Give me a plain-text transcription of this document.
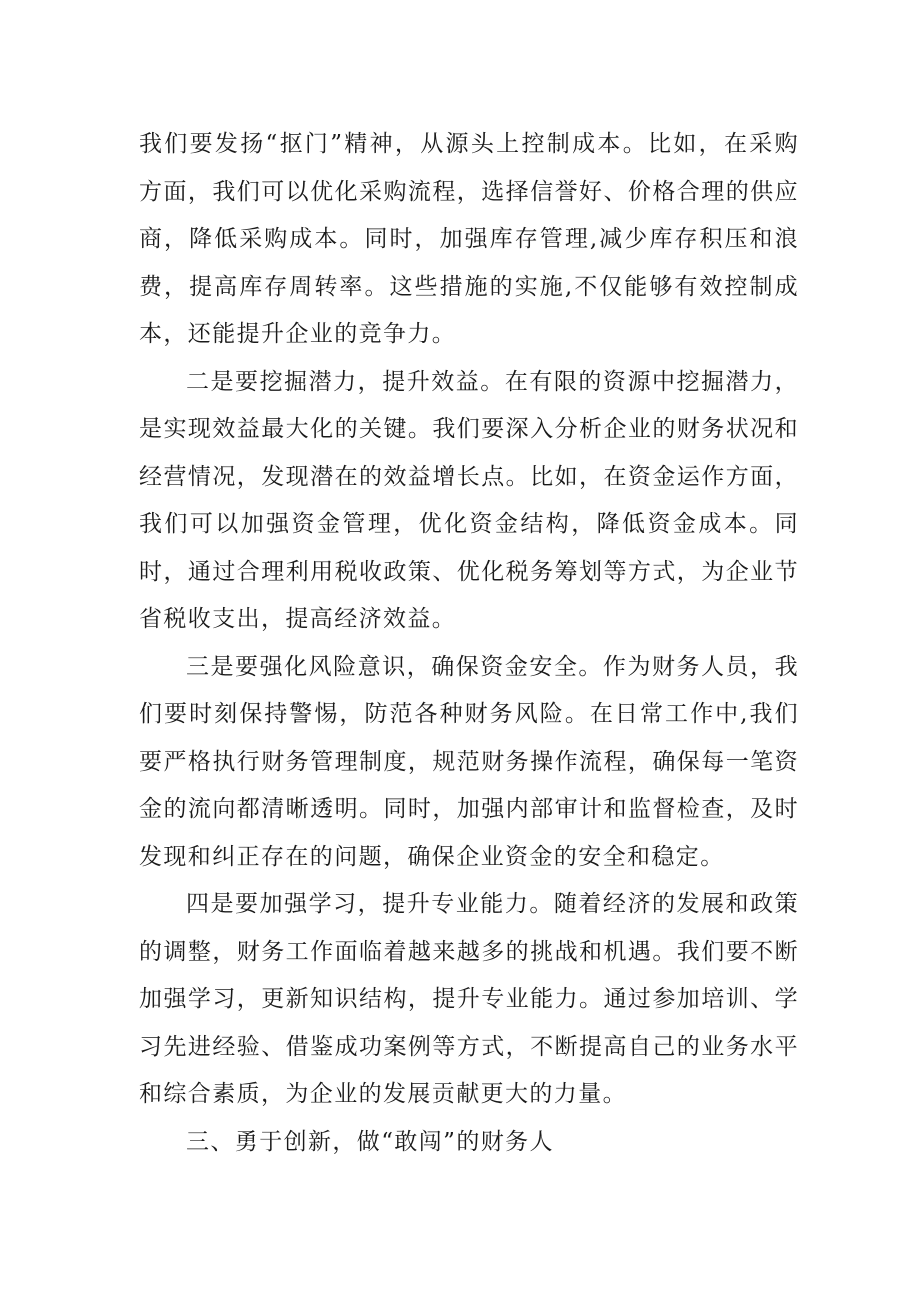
我们要发扬“抠门”精神，从源头上控制成本。比如，在采购方面，我们可以优化采购流程，选择信誉好、价格合理的供应商，降低采购成本。同时，加强库存管理,减少库存积压和浪费，提高库存周转率。这些措施的实施,不仅能够有效控制成本，还能提升企业的竞争力。

二是要挖掘潜力，提升效益。在有限的资源中挖掘潜力，是实现效益最大化的关键。我们要深入分析企业的财务状况和经营情况，发现潜在的效益增长点。比如，在资金运作方面，我们可以加强资金管理，优化资金结构，降低资金成本。同时，通过合理利用税收政策、优化税务筹划等方式，为企业节省税收支出，提高经济效益。

三是要强化风险意识，确保资金安全。作为财务人员，我们要时刻保持警惕，防范各种财务风险。在日常工作中,我们要严格执行财务管理制度，规范财务操作流程，确保每一笔资金的流向都清晰透明。同时，加强内部审计和监督检查，及时发现和纠正存在的问题，确保企业资金的安全和稳定。

四是要加强学习，提升专业能力。随着经济的发展和政策的调整，财务工作面临着越来越多的挑战和机遇。我们要不断加强学习，更新知识结构，提升专业能力。通过参加培训、学习先进经验、借鉴成功案例等方式，不断提高自己的业务水平和综合素质，为企业的发展贡献更大的力量。

三、勇于创新，做“敢闯”的财务人
